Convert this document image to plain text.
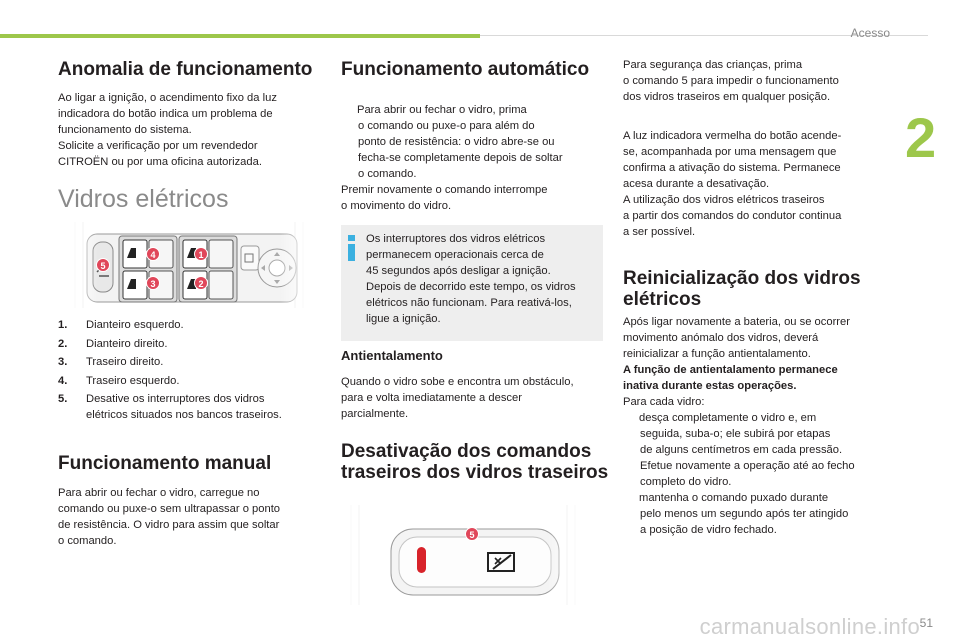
Acesso
2
51
Anomalia de funcionamento

Ao ligar a ignição, o acendimento fixo da luz

indicadora do botão indica um problema de

funcionamento do sistema.

Solicite a verificação por um revendedor

CITROËN ou por uma oficina autorizada.

Vidros elétricos
5
4	1
3	2
1.	Dianteiro esquerdo.
2.	Dianteiro direito.
3.	Traseiro direito.
4.	Traseiro esquerdo.
5.	Desative os interruptores dos vidros
elétricos situados nos bancos traseiros.
Funcionamento manual

Para abrir ou fechar o vidro, carregue no

comando ou puxe-o sem ultrapassar o ponto

de resistência. O vidro para assim que soltar

o comando.

Funcionamento automático

Para abrir ou fechar o vidro, prima

o comando ou puxe-o para além do

ponto de resistência: o vidro abre-se ou

fecha-se completamente depois de soltar

o comando.

Premir novamente o comando interrompe

o movimento do vidro.

Os interruptores dos vidros elétricos

permanecem operacionais cerca de

45 segundos após desligar a ignição.

Depois de decorrido este tempo, os vidros

elétricos não funcionam. Para reativá-los,

ligue a ignição.

Antientalamento

Quando o vidro sobe e encontra um obstáculo,

para e volta imediatamente a descer

parcialmente.

Desativação dos comandos
traseiros dos vidros traseiros
5

Para segurança das crianças, prima

o comando 5 para impedir o funcionamento

dos vidros traseiros em qualquer posição.

A luz indicadora vermelha do botão acende-

se, acompanhada por uma mensagem que

confirma a ativação do sistema. Permanece

acesa durante a desativação.

A utilização dos vidros elétricos traseiros

a partir dos comandos do condutor continua

a ser possível.

Reinicialização dos vidros
elétricos

Após ligar novamente a bateria, ou se ocorrer

movimento anómalo dos vidros, deverá

reinicializar a função antientalamento.

A função de antientalamento permanece

inativa durante estas operações.

Para cada vidro:

desça completamente o vidro e, em

seguida, suba-o; ele subirá por etapas

de alguns centímetros em cada pressão.

Efetue novamente a operação até ao fecho

completo do vidro.

mantenha o comando puxado durante

pelo menos um segundo após ter atingido

a posição de vidro fechado.

carmanualsonline.info
